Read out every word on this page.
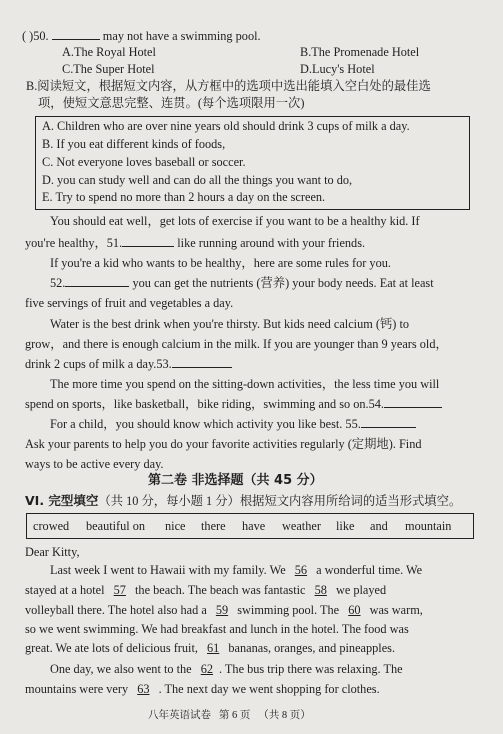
( )50.	may not have a swimming pool.
A.The Royal Hotel	B.The Promenade Hotel
C.The Super Hotel	D.Lucy's Hotel
B.阅读短文，根据短文内容，从方框中的选项中选出能填入空白处的最佳选
项，使短文意思完整、连贯。(每个选项限用一次)
A. Children who are over nine years old should drink 3 cups of milk a day.
B. If you eat different kinds of foods,
C. Not everyone loves baseball or soccer.
D. you can study well and can do all the things you want to do,
E. Try to spend no more than 2 hours a day on the screen.
You should eat well，get lots of exercise if you want to be a healthy kid. If
you're healthy，51.	like running around with your friends.
If you're a kid who wants to be healthy，here are some rules for you.
52.	you can get the nutrients (营养) your body needs. Eat at least
five servings of fruit and vegetables a day.
Water is the best drink when you're thirsty. But kids need calcium (钙) to
grow，and there is enough calcium in the milk. If you are younger than 9 years old，
drink 2 cups of milk a day.53.
The more time you spend on the sitting-down activities，the less time you will
spend on sports，like basketball，bike riding，swimming and so on.54.
For a child，you should know which activity you like best. 55.
Ask your parents to help you do your favorite activities regularly (定期地). Find
ways to be active every day.
第二卷 非选择题（共 45 分）
VI. 完型填空（共 10 分，每小题 1 分）根据短文内容用所给词的适当形式填空。
crowed beautiful on nice there have weather like and mountain
Dear Kitty,
Last week I went to Hawaii with my family. We 56 a wonderful time. We
stayed at a hotel 57 the beach. The beach was fantastic 58 we played
volleyball there. The hotel also had a 59 swimming pool. The 60 was warm,
so we went swimming. We had breakfast and lunch in the hotel. The food was
great. We ate lots of delicious fruit, 61 bananas, oranges, and pineapples.
One day, we also went to the 62 . The bus trip there was relaxing. The
mountains were very 63 . The next day we went shopping for clothes.
八年英语试卷 第 6 页 （共 8 页）
